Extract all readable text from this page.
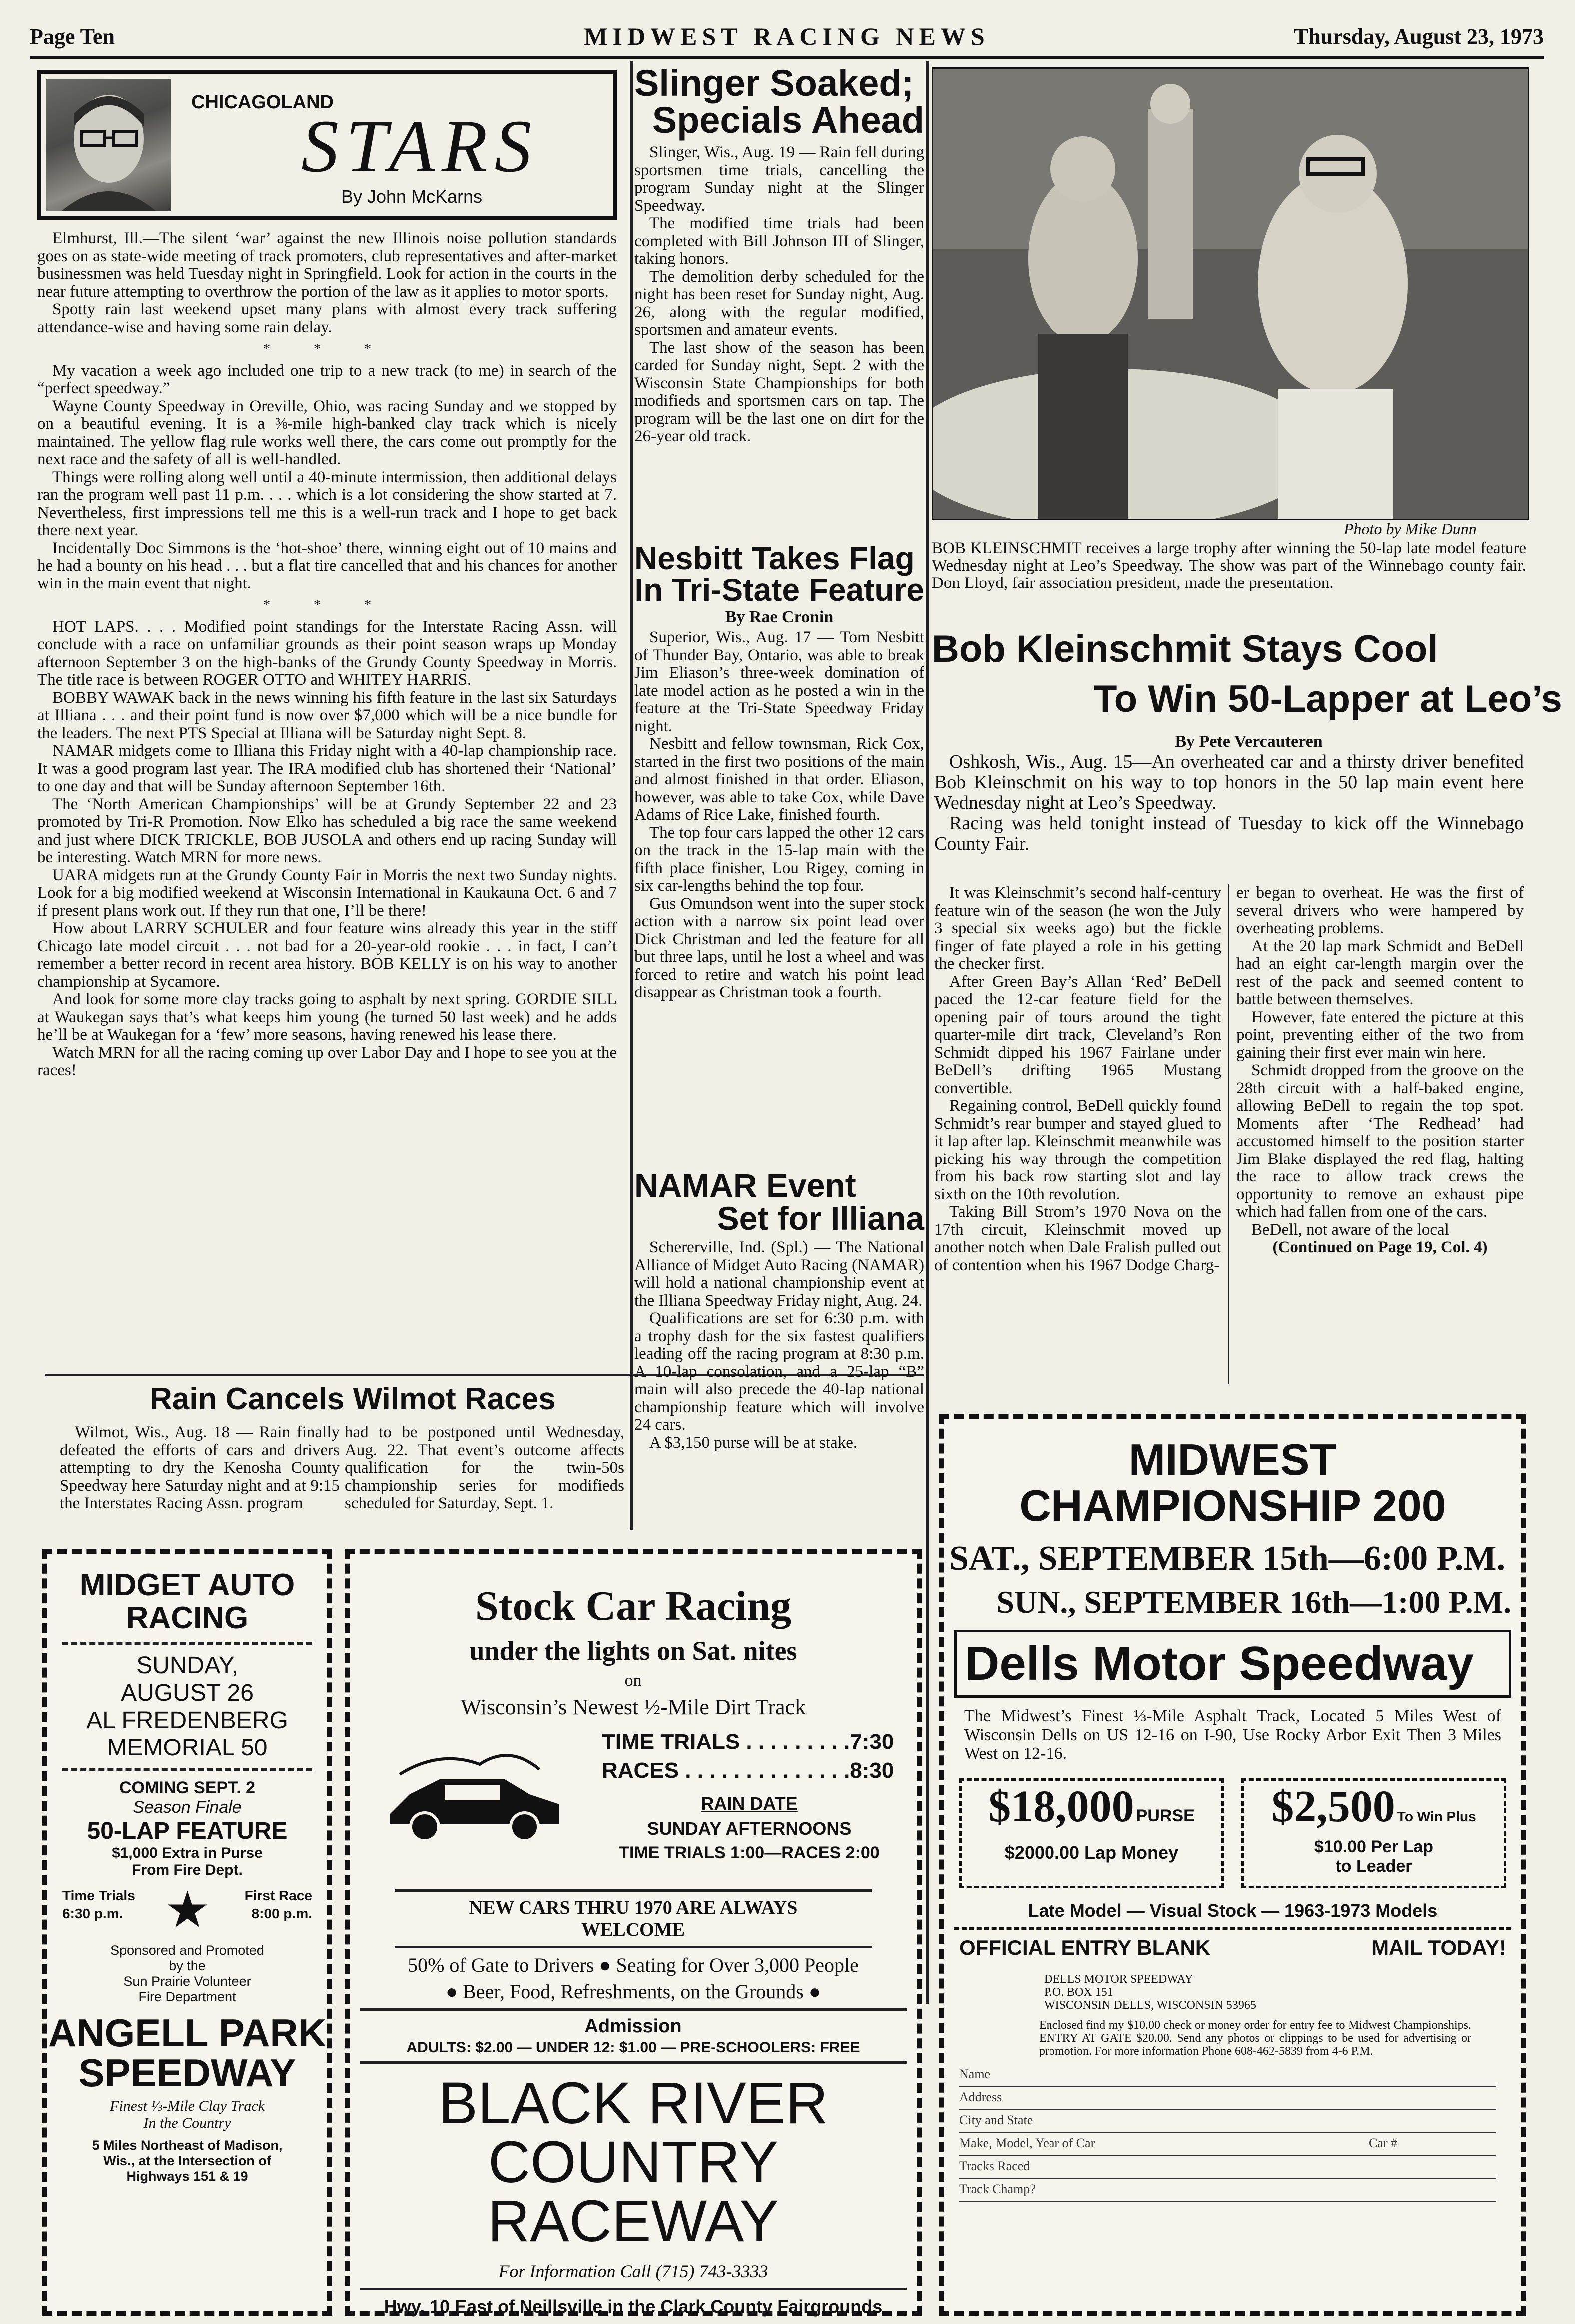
Page Ten	MIDWEST RACING NEWS	Thursday, August 23, 1973
CHICAGOLAND
STARS
By John McKarns

Elmhurst, Ill.—The silent ‘war’ against the new Illinois noise pollution standards goes on as state-wide meeting of track promoters, club representatives and after-market businessmen was held Tuesday night in Springfield. Look for action in the courts in the near future attempting to overthrow the portion of the law as it applies to motor sports.

Spotty rain last weekend upset many plans with almost every track suffering attendance-wise and having some rain delay.

* * *

My vacation a week ago included one trip to a new track (to me) in search of the “perfect speedway.”

Wayne County Speedway in Oreville, Ohio, was racing Sunday and we stopped by on a beautiful evening. It is a ⅜-mile high-banked clay track which is nicely maintained. The yellow flag rule works well there, the cars come out promptly for the next race and the safety of all is well-handled.

Things were rolling along well until a 40-minute intermission, then additional delays ran the program well past 11 p.m. . . . which is a lot considering the show started at 7. Nevertheless, first impressions tell me this is a well-run track and I hope to get back there next year.

Incidentally Doc Simmons is the ‘hot-shoe’ there, winning eight out of 10 mains and he had a bounty on his head . . . but a flat tire cancelled that and his chances for another win in the main event that night.

* * *

HOT LAPS. . . . Modified point standings for the Interstate Racing Assn. will conclude with a race on unfamiliar grounds as their point season wraps up Monday afternoon September 3 on the high-banks of the Grundy County Speedway in Morris. The title race is between ROGER OTTO and WHITEY HARRIS.

BOBBY WAWAK back in the news winning his fifth feature in the last six Saturdays at Illiana . . . and their point fund is now over $7,000 which will be a nice bundle for the leaders. The next PTS Special at Illiana will be Saturday night Sept. 8.

NAMAR midgets come to Illiana this Friday night with a 40-lap championship race. It was a good program last year. The IRA modified club has shortened their ‘National’ to one day and that will be Sunday afternoon September 16th.

The ‘North American Championships’ will be at Grundy September 22 and 23 promoted by Tri-R Promotion. Now Elko has scheduled a big race the same weekend and just where DICK TRICKLE, BOB JUSOLA and others end up racing Sunday will be interesting. Watch MRN for more news.

UARA midgets run at the Grundy County Fair in Morris the next two Sunday nights. Look for a big modified weekend at Wisconsin International in Kaukauna Oct. 6 and 7 if present plans work out. If they run that one, I’ll be there!

How about LARRY SCHULER and four feature wins already this year in the stiff Chicago late model circuit . . . not bad for a 20-year-old rookie . . . in fact, I can’t remember a better record in recent area history. BOB KELLY is on his way to another championship at Sycamore.

And look for some more clay tracks going to asphalt by next spring. GORDIE SILL at Waukegan says that’s what keeps him young (he turned 50 last week) and he adds he’ll be at Waukegan for a ‘few’ more seasons, having renewed his lease there.

Watch MRN for all the racing coming up over Labor Day and I hope to see you at the races!

Rain Cancels Wilmot Races

Wilmot, Wis., Aug. 18 — Rain finally defeated the efforts of cars and drivers attempting to dry the Kenosha County Speedway here Saturday night and at 9:15 the Interstates Racing Assn. program

had to be postponed until Wednesday, Aug. 22. That event’s outcome affects qualification for the twin-50s championship series for modifieds scheduled for Saturday, Sept. 1.

Slinger Soaked;
Specials Ahead

Slinger, Wis., Aug. 19 — Rain fell during sportsmen time trials, cancelling the program Sunday night at the Slinger Speedway.

The modified time trials had been completed with Bill Johnson III of Slinger, taking honors.

The demolition derby scheduled for the night has been reset for Sunday night, Aug. 26, along with the regular modified, sportsmen and amateur events.

The last show of the season has been carded for Sunday night, Sept. 2 with the Wisconsin State Championships for both modifieds and sportsmen cars on tap. The program will be the last one on dirt for the 26-year old track.

Nesbitt Takes Flag
In Tri-State Feature
By Rae Cronin

Superior, Wis., Aug. 17 — Tom Nesbitt of Thunder Bay, Ontario, was able to break Jim Eliason’s three-week domination of late model action as he posted a win in the feature at the Tri-State Speedway Friday night.

Nesbitt and fellow townsman, Rick Cox, started in the first two positions of the main and almost finished in that order. Eliason, however, was able to take Cox, while Dave Adams of Rice Lake, finished fourth.

The top four cars lapped the other 12 cars on the track in the 15-lap main with the fifth place finisher, Lou Rigey, coming in six car-lengths behind the top four.

Gus Omundson went into the super stock action with a narrow six point lead over Dick Christman and led the feature for all but three laps, until he lost a wheel and was forced to retire and watch his point lead disappear as Christman took a fourth.

NAMAR Event
Set for Illiana

Schererville, Ind. (Spl.) — The National Alliance of Midget Auto Racing (NAMAR) will hold a national championship event at the Illiana Speedway Friday night, Aug. 24.

Qualifications are set for 6:30 p.m. with a trophy dash for the six fastest qualifiers leading off the racing program at 8:30 p.m. A 10-lap consolation, and a 25-lap “B” main will also precede the 40-lap national championship feature which will involve 24 cars.

A $3,150 purse will be at stake.

Photo by Mike Dunn
BOB KLEINSCHMIT receives a large trophy after winning the 50-lap late model feature Wednesday night at Leo’s Speedway. The show was part of the Winnebago county fair. Don Lloyd, fair association president, made the presentation.
Bob Kleinschmit Stays Cool
To Win 50-Lapper at Leo’s
By Pete Vercauteren

Oshkosh, Wis., Aug. 15—An overheated car and a thirsty driver benefited Bob Kleinschmit on his way to top honors in the 50 lap main event here Wednesday night at Leo’s Speedway.

Racing was held tonight instead of Tuesday to kick off the Winnebago County Fair.

It was Kleinschmit’s second half-century feature win of the season (he won the July 3 special six weeks ago) but the fickle finger of fate played a role in his getting the checker first.

After Green Bay’s Allan ‘Red’ BeDell paced the 12-car feature field for the opening pair of tours around the tight quarter-mile dirt track, Cleveland’s Ron Schmidt dipped his 1967 Fairlane under BeDell’s drifting 1965 Mustang convertible.

Regaining control, BeDell quickly found Schmidt’s rear bumper and stayed glued to it lap after lap. Kleinschmit meanwhile was picking his way through the competition from his back row starting slot and lay sixth on the 10th revolution.

Taking Bill Strom’s 1970 Nova on the 17th circuit, Kleinschmit moved up another notch when Dale Fralish pulled out of contention when his 1967 Dodge Charg-

er began to overheat. He was the first of several drivers who were hampered by overheating problems.

At the 20 lap mark Schmidt and BeDell had an eight car-length margin over the rest of the pack and seemed content to battle between themselves.

However, fate entered the picture at this point, preventing either of the two from gaining their first ever main win here.

Schmidt dropped from the groove on the 28th circuit with a half-baked engine, allowing BeDell to regain the top spot. Moments after ‘The Redhead’ had accustomed himself to the position starter Jim Blake displayed the red flag, halting the race to allow track crews the opportunity to remove an exhaust pipe which had fallen from one of the cars.

BeDell, not aware of the local

(Continued on Page 19, Col. 4)

MIDGET AUTO
RACING
SUNDAY,
AUGUST 26
AL FREDENBERG
MEMORIAL 50
COMING SEPT. 2
Season Finale
50-LAP FEATURE
$1,000 Extra in Purse
From Fire Dept.
Time Trials
6:30 p.m. ★	First Race
8:00 p.m.
Sponsored and Promoted
by the
Sun Prairie Volunteer
Fire Department
ANGELL PARK
SPEEDWAY
Finest ⅓-Mile Clay Track
In the Country
5 Miles Northeast of Madison,
Wis., at the Intersection of
Highways 151 & 19
Stock Car Racing
under the lights on Sat. nites
on
Wisconsin’s Newest ½-Mile Dirt Track
TIME TRIALS . . . . . . . . .7:30
RACES . . . . . . . . . . . . . .8:30
RAIN DATE
SUNDAY AFTERNOONS
TIME TRIALS 1:00—RACES 2:00
NEW CARS THRU 1970 ARE ALWAYS
WELCOME
50% of Gate to Drivers ● Seating for Over 3,000 People
● Beer, Food, Refreshments, on the Grounds ●
Admission
ADULTS: $2.00 — UNDER 12: $1.00 — PRE-SCHOOLERS: FREE
BLACK RIVER
COUNTRY RACEWAY
For Information Call (715) 743-3333
Hwy. 10 East of Neillsville in the Clark County Fairgrounds
MIDWEST
CHAMPIONSHIP 200
SAT., SEPTEMBER 15th—6:00 P.M.
SUN., SEPTEMBER 16th—1:00 P.M.
Dells Motor Speedway
The Midwest’s Finest ⅓-Mile Asphalt Track, Located 5 Miles West of Wisconsin Dells on US 12-16 on I-90, Use Rocky Arbor Exit Then 3 Miles West on 12-16.
$18,000 PURSE
$2000.00 Lap Money
$2,500 To Win Plus
$10.00 Per Lap
to Leader
Late Model — Visual Stock — 1963-1973 Models
OFFICIAL ENTRY BLANK	MAIL TODAY!
DELLS MOTOR SPEEDWAY
P.O. BOX 151
WISCONSIN DELLS, WISCONSIN 53965
Enclosed find my $10.00 check or money order for entry fee to Midwest Championships. ENTRY AT GATE $20.00. Send any photos or clippings to be used for advertising or promotion. For more information Phone 608-462-5839 from 4-6 P.M.
Name
Address
City and State
Make, Model, Year of Car	Car #
Tracks Raced
Track Champ?
